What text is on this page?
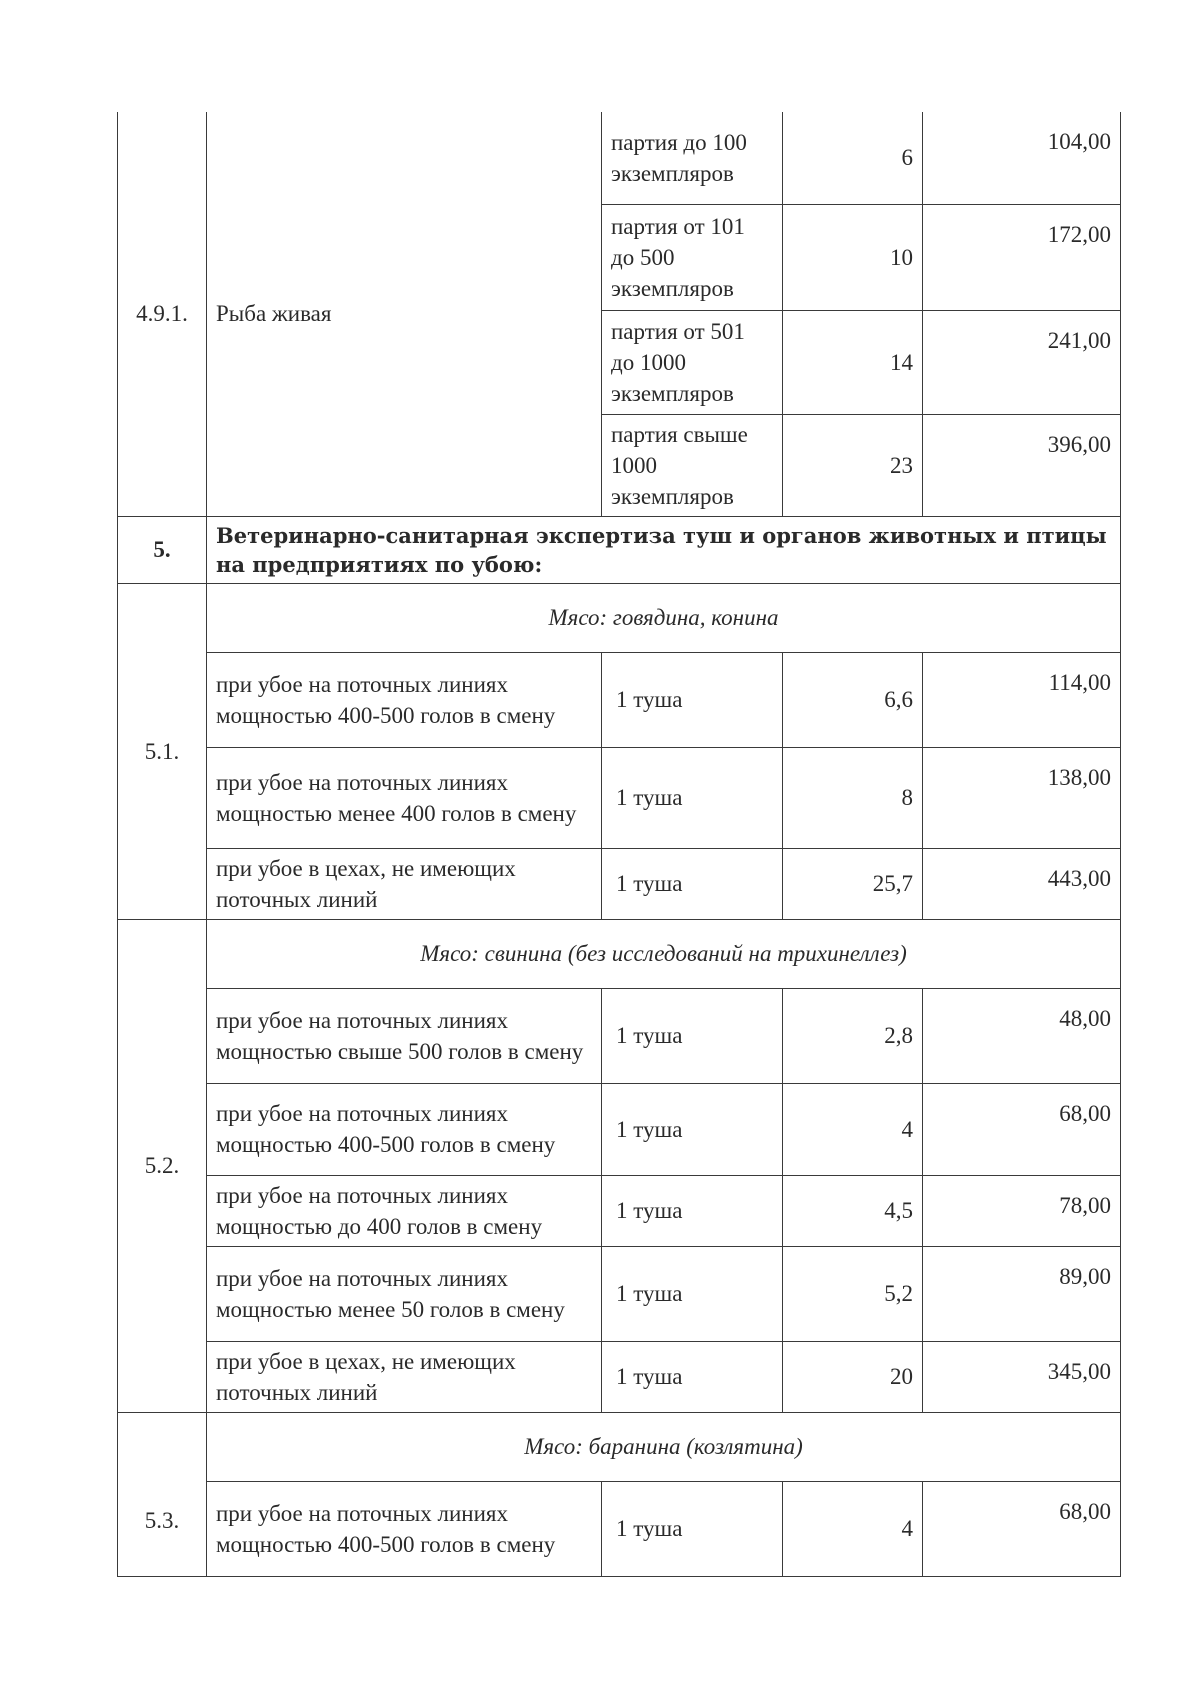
4.9.1.	Рыба живая	партия до 100 экземпляров	6	104,00
		партия от 101 до 500 экземпляров	10	172,00
		партия от 501 до 1000 экземпляров	14	241,00
		партия свыше 1000 экземпляров	23	396,00
5.	Ветеринарно-санитарная экспертиза туш и органов животных и птицы на предприятиях по убою:			
5.1.	Мясо: говядина, конина			
	при убое на поточных линиях мощностью 400-500 голов в смену	1 туша	6,6	114,00
	при убое на поточных линиях мощностью менее 400 голов в смену	1 туша	8	138,00
	при убое в цехах, не имеющих поточных линий	1 туша	25,7	443,00
5.2.	Мясо: свинина (без исследований на трихинеллез)			
	при убое на поточных линиях мощностью свыше 500 голов в смену	1 туша	2,8	48,00
	при убое на поточных линиях мощностью 400-500 голов в смену	1 туша	4	68,00
	при убое на поточных линиях мощностью до 400 голов в смену	1 туша	4,5	78,00
	при убое на поточных линиях мощностью менее 50 голов в смену	1 туша	5,2	89,00
	при убое в цехах, не имеющих поточных линий	1 туша	20	345,00
5.3.	Мясо: баранина (козлятина)			
	при убое на поточных линиях мощностью 400-500 голов в смену	1 туша	4	68,00
